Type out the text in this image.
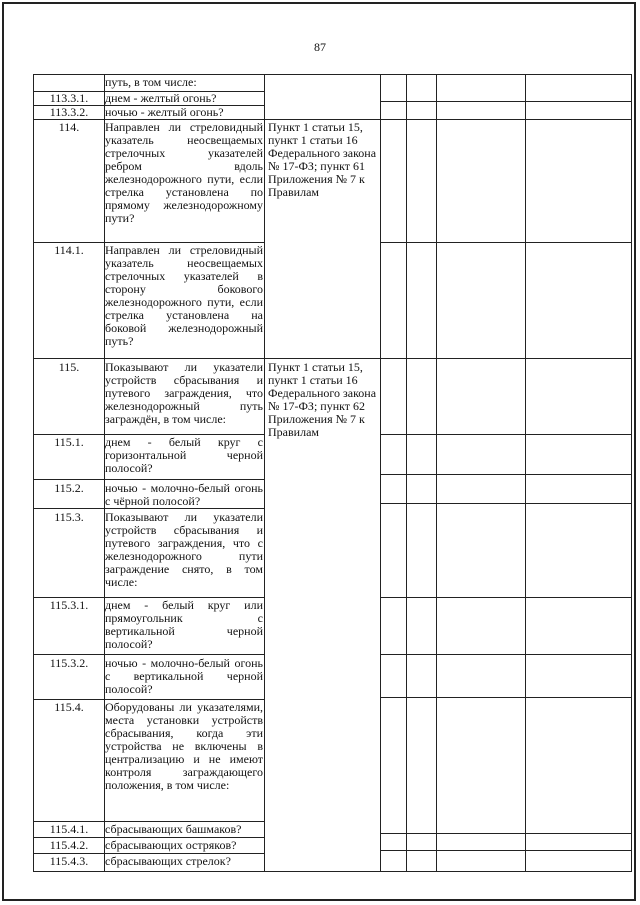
87
113.3.1.
113.3.2.
114.
114.1.
115.
115.1.
115.2.
115.3.
115.3.1.
115.3.2.
115.4.
115.4.1.
115.4.2.
115.4.3.
путь, в том числе:
днем - желтый огонь?
ночью - желтый огонь?
Направлен ли стреловидный указатель неосвещаемых стрелочных указателей ребром вдоль железнодорожного пути, если стрелка установлена по прямому железнодорожному пути?
Направлен ли стреловидный указатель неосвещаемых стрелочных указателей в сторону бокового железнодорожного пути, если стрелка установлена на боковой железнодорожный путь?
Показывают ли указатели устройств сбрасывания и путевого заграждения, что железнодорожный путь заграждён, в том числе:
днем - белый круг с горизонтальной черной полосой?
ночью - молочно-белый огонь с чёрной полосой?
Показывают ли указатели устройств сбрасывания и путевого заграждения, что с железнодорожного пути заграждение снято, в том числе:
днем - белый круг или прямоугольник с вертикальной черной полосой?
ночью - молочно-белый огонь с вертикальной черной полосой?
Оборудованы ли указателями, места установки устройств сбрасывания, когда эти устройства не включены в централизацию и не имеют контроля заграждающего положения, в том числе:
сбрасывающих башмаков?
сбрасывающих остряков?
сбрасывающих стрелок?
Пункт 1 статьи 15, пункт 1 статьи 16 Федерального закона № 17-ФЗ; пункт 61 Приложения № 7 к Правилам
Пункт 1 статьи 15, пункт 1 статьи 16 Федерального закона № 17-ФЗ; пункт 62 Приложения № 7 к Правилам
